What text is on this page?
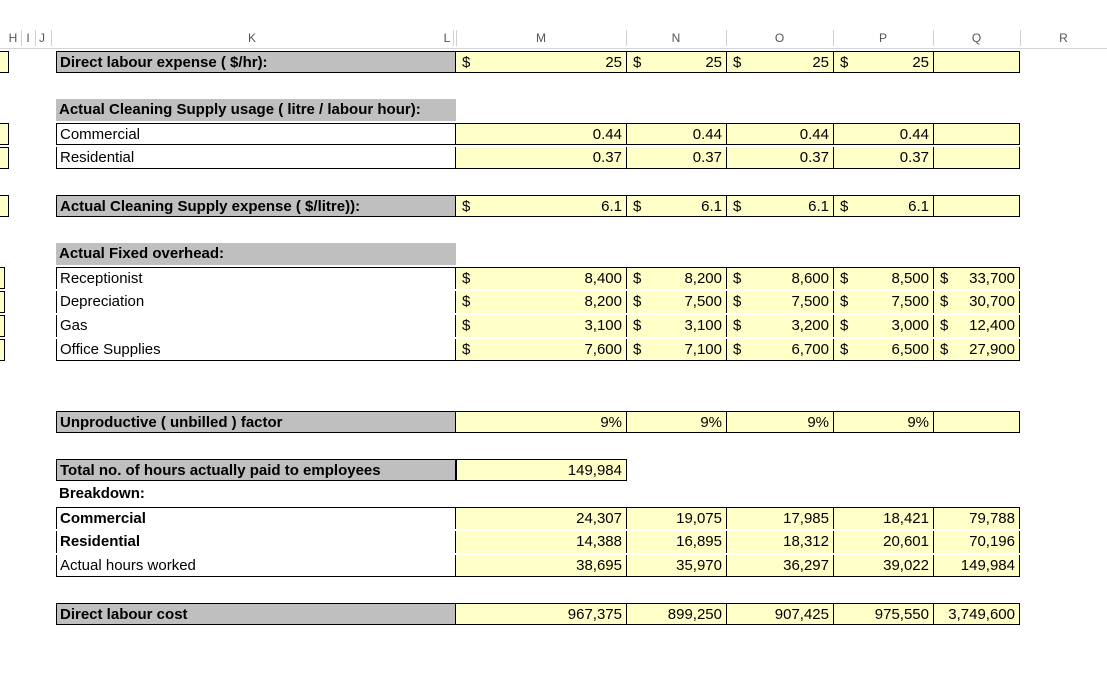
H I J	K	L	M	N	O	P	Q	R
Direct labour expense ( $/hr):	$	25 $	25 $	25 $	25
Actual Cleaning Supply usage ( litre / labour hour):
Commercial	0.44	0.44	0.44	0.44
Residential	0.37	0.37	0.37	0.37
Actual Cleaning Supply expense ( $/litre)):	$	6.1 $	6.1 $	6.1 $	6.1
Actual Fixed overhead:
Receptionist	$	8,400 $	8,200 $	8,600 $	8,500 $ 33,700
Depreciation	$	8,200 $	7,500 $	7,500 $	7,500 $ 30,700
Gas	$	3,100 $	3,100 $	3,200 $	3,000 $ 12,400
Office Supplies	$	7,600 $	7,100 $	6,700 $	6,500 $ 27,900
Unproductive ( unbilled ) factor	9%	9%	9%	9%
Total no. of hours actually paid to employees	149,984
Breakdown:
Commercial	24,307	19,075	17,985	18,421	79,788
Residential	14,388	16,895	18,312	20,601	70,196
Actual hours worked	38,695	35,970	36,297	39,022	149,984
Direct labour cost	967,375	899,250	907,425	975,550	3,749,600
